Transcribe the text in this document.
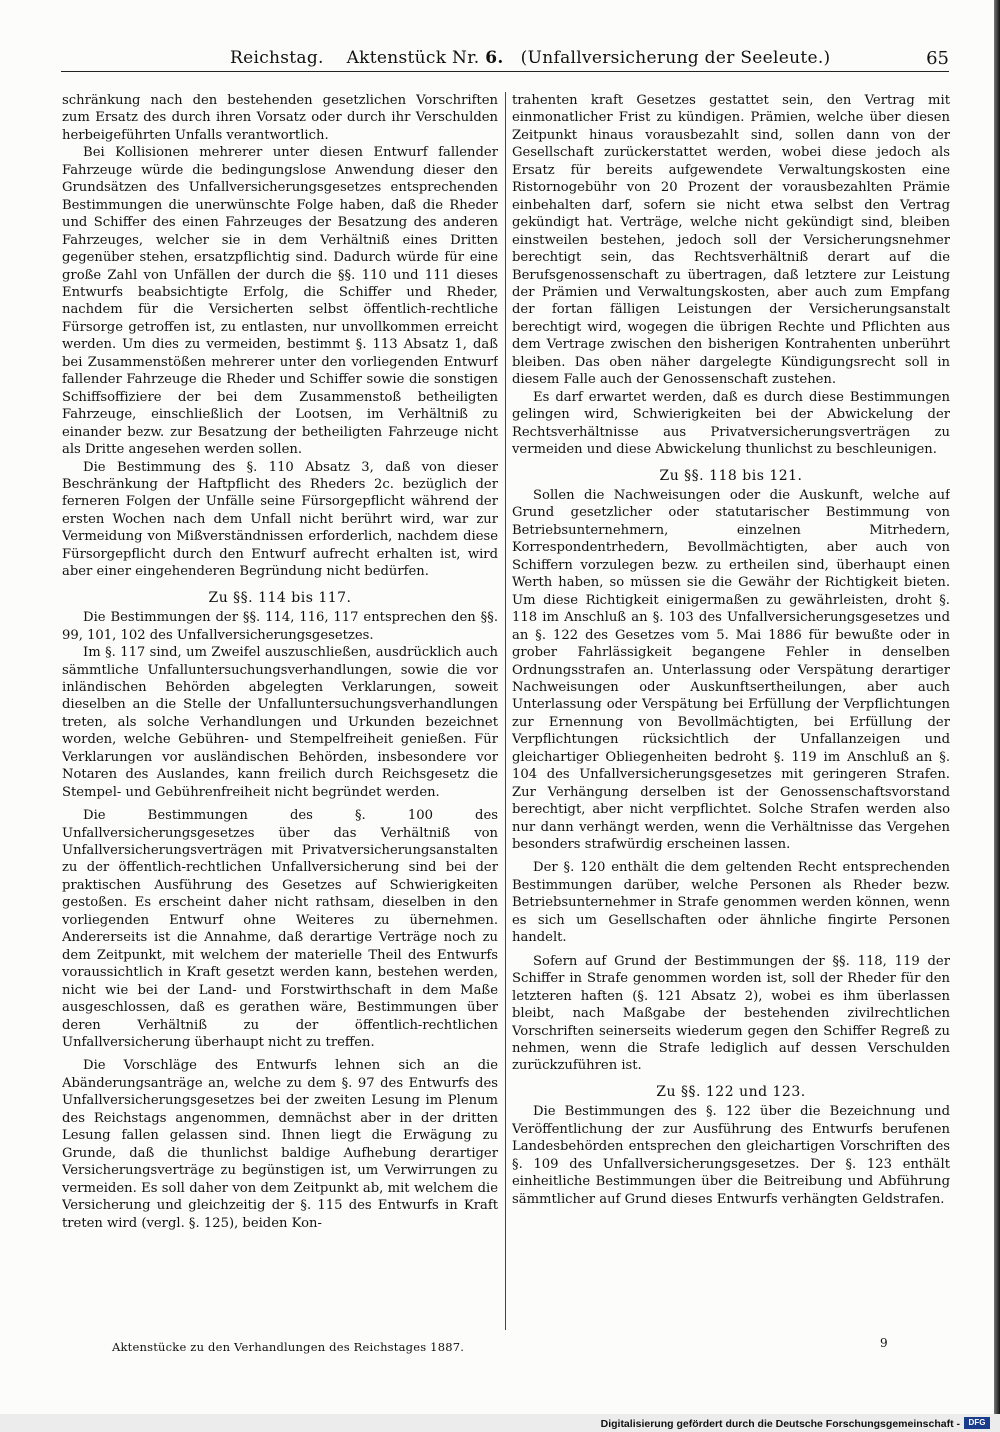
Reichstag. Aktenstück Nr. 6. (Unfallversicherung der Seeleute.)	65

schränkung nach den bestehenden gesetzlichen Vorschriften zum Ersatz des durch ihren Vorsatz oder durch ihr Verschulden herbeigeführten Unfalls verantwortlich.

Bei Kollisionen mehrerer unter diesen Entwurf fallender Fahrzeuge würde die bedingungslose Anwendung dieser den Grundsätzen des Unfallversicherungsgesetzes entsprechenden Bestimmungen die unerwünschte Folge haben, daß die Rheder und Schiffer des einen Fahrzeuges der Besatzung des anderen Fahrzeuges, welcher sie in dem Verhältniß eines Dritten gegenüber stehen, ersatzpflichtig sind. Dadurch würde für eine große Zahl von Unfällen der durch die §§. 110 und 111 dieses Entwurfs beabsichtigte Erfolg, die Schiffer und Rheder, nachdem für die Versicherten selbst öffentlich-rechtliche Fürsorge getroffen ist, zu entlasten, nur unvollkommen erreicht werden. Um dies zu vermeiden, bestimmt §. 113 Absatz 1, daß bei Zusammenstößen mehrerer unter den vorliegenden Entwurf fallender Fahrzeuge die Rheder und Schiffer sowie die sonstigen Schiffsoffiziere der bei dem Zusammenstoß betheiligten Fahrzeuge, einschließlich der Lootsen, im Verhältniß zu einander bezw. zur Besatzung der betheiligten Fahrzeuge nicht als Dritte angesehen werden sollen.

Die Bestimmung des §. 110 Absatz 3, daß von dieser Beschränkung der Haftpflicht des Rheders 2c. bezüglich der ferneren Folgen der Unfälle seine Fürsorgepflicht während der ersten Wochen nach dem Unfall nicht berührt wird, war zur Vermeidung von Mißverständnissen erforderlich, nachdem diese Fürsorgepflicht durch den Entwurf aufrecht erhalten ist, wird aber einer eingehenderen Begründung nicht bedürfen.

Zu §§. 114 bis 117.

Die Bestimmungen der §§. 114, 116, 117 entsprechen den §§. 99, 101, 102 des Unfallversicherungsgesetzes.

Im §. 117 sind, um Zweifel auszuschließen, ausdrücklich auch sämmtliche Unfalluntersuchungsverhandlungen, sowie die vor inländischen Behörden abgelegten Verklarungen, soweit dieselben an die Stelle der Unfalluntersuchungsverhandlungen treten, als solche Verhandlungen und Urkunden bezeichnet worden, welche Gebühren- und Stempelfreiheit genießen. Für Verklarungen vor ausländischen Behörden, insbesondere vor Notaren des Auslandes, kann freilich durch Reichsgesetz die Stempel- und Gebührenfreiheit nicht begründet werden.

Die Bestimmungen des §. 100 des Unfallversicherungsgesetzes über das Verhältniß von Unfallversicherungsverträgen mit Privatversicherungsanstalten zu der öffentlich-rechtlichen Unfallversicherung sind bei der praktischen Ausführung des Gesetzes auf Schwierigkeiten gestoßen. Es erscheint daher nicht rathsam, dieselben in den vorliegenden Entwurf ohne Weiteres zu übernehmen. Andererseits ist die Annahme, daß derartige Verträge noch zu dem Zeitpunkt, mit welchem der materielle Theil des Entwurfs voraussichtlich in Kraft gesetzt werden kann, bestehen werden, nicht wie bei der Land- und Forstwirthschaft in dem Maße ausgeschlossen, daß es gerathen wäre, Bestimmungen über deren Verhältniß zu der öffentlich-rechtlichen Unfallversicherung überhaupt nicht zu treffen.

Die Vorschläge des Entwurfs lehnen sich an die Abänderungsanträge an, welche zu dem §. 97 des Entwurfs des Unfallversicherungsgesetzes bei der zweiten Lesung im Plenum des Reichstags angenommen, demnächst aber in der dritten Lesung fallen gelassen sind. Ihnen liegt die Erwägung zu Grunde, daß die thunlichst baldige Aufhebung derartiger Versicherungsverträge zu begünstigen ist, um Verwirrungen zu vermeiden. Es soll daher von dem Zeitpunkt ab, mit welchem die Versicherung und gleichzeitig der §. 115 des Entwurfs in Kraft treten wird (vergl. §. 125), beiden Kon-

trahenten kraft Gesetzes gestattet sein, den Vertrag mit einmonatlicher Frist zu kündigen. Prämien, welche über diesen Zeitpunkt hinaus vorausbezahlt sind, sollen dann von der Gesellschaft zurückerstattet werden, wobei diese jedoch als Ersatz für bereits aufgewendete Verwaltungskosten eine Ristornogebühr von 20 Prozent der vorausbezahlten Prämie einbehalten darf, sofern sie nicht etwa selbst den Vertrag gekündigt hat. Verträge, welche nicht gekündigt sind, bleiben einstweilen bestehen, jedoch soll der Versicherungsnehmer berechtigt sein, das Rechtsverhältniß derart auf die Berufsgenossenschaft zu übertragen, daß letztere zur Leistung der Prämien und Verwaltungskosten, aber auch zum Empfang der fortan fälligen Leistungen der Versicherungsanstalt berechtigt wird, wogegen die übrigen Rechte und Pflichten aus dem Vertrage zwischen den bisherigen Kontrahenten unberührt bleiben. Das oben näher dargelegte Kündigungsrecht soll in diesem Falle auch der Genossenschaft zustehen.

Es darf erwartet werden, daß es durch diese Bestimmungen gelingen wird, Schwierigkeiten bei der Abwickelung der Rechtsverhältnisse aus Privatversicherungsverträgen zu vermeiden und diese Abwickelung thunlichst zu beschleunigen.

Zu §§. 118 bis 121.

Sollen die Nachweisungen oder die Auskunft, welche auf Grund gesetzlicher oder statutarischer Bestimmung von Betriebsunternehmern, einzelnen Mitrhedern, Korrespondentrhedern, Bevollmächtigten, aber auch von Schiffern vorzulegen bezw. zu ertheilen sind, überhaupt einen Werth haben, so müssen sie die Gewähr der Richtigkeit bieten. Um diese Richtigkeit einigermaßen zu gewährleisten, droht §. 118 im Anschluß an §. 103 des Unfallversicherungsgesetzes und an §. 122 des Gesetzes vom 5. Mai 1886 für bewußte oder in grober Fahrlässigkeit begangene Fehler in denselben Ordnungsstrafen an. Unterlassung oder Verspätung derartiger Nachweisungen oder Auskunftsertheilungen, aber auch Unterlassung oder Verspätung bei Erfüllung der Verpflichtungen zur Ernennung von Bevollmächtigten, bei Erfüllung der Verpflichtungen rücksichtlich der Unfallanzeigen und gleichartiger Obliegenheiten bedroht §. 119 im Anschluß an §. 104 des Unfallversicherungsgesetzes mit geringeren Strafen. Zur Verhängung derselben ist der Genossenschaftsvorstand berechtigt, aber nicht verpflichtet. Solche Strafen werden also nur dann verhängt werden, wenn die Verhältnisse das Vergehen besonders strafwürdig erscheinen lassen.

Der §. 120 enthält die dem geltenden Recht entsprechenden Bestimmungen darüber, welche Personen als Rheder bezw. Betriebsunternehmer in Strafe genommen werden können, wenn es sich um Gesellschaften oder ähnliche fingirte Personen handelt.

Sofern auf Grund der Bestimmungen der §§. 118, 119 der Schiffer in Strafe genommen worden ist, soll der Rheder für den letzteren haften (§. 121 Absatz 2), wobei es ihm überlassen bleibt, nach Maßgabe der bestehenden zivilrechtlichen Vorschriften seinerseits wiederum gegen den Schiffer Regreß zu nehmen, wenn die Strafe lediglich auf dessen Verschulden zurückzuführen ist.

Zu §§. 122 und 123.

Die Bestimmungen des §. 122 über die Bezeichnung und Veröffentlichung der zur Ausführung des Entwurfs berufenen Landesbehörden entsprechen den gleichartigen Vorschriften des §. 109 des Unfallversicherungsgesetzes. Der §. 123 enthält einheitliche Bestimmungen über die Beitreibung und Abführung sämmtlicher auf Grund dieses Entwurfs verhängten Geldstrafen.

Aktenstücke zu den Verhandlungen des Reichstages 1887.	9
Digitalisierung gefördert durch die Deutsche Forschungsgemeinschaft -	DFG
